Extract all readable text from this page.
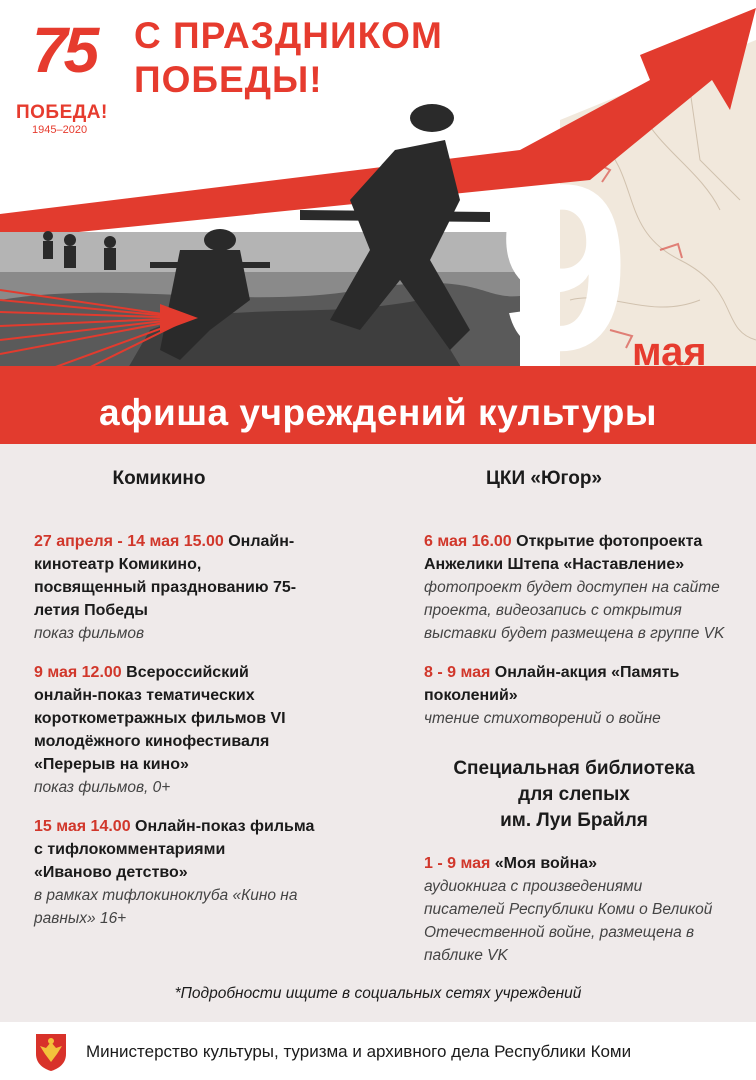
75
ПОБЕДА!
1945–2020
С ПРАЗДНИКОМ
ПОБЕДЫ!
9 мая
афиша учреждений культуры
Комикино
27 апреля - 14 мая 15.00 Онлайн-
кинотеатр Комикино,
посвященный празднованию 75-
летия Победы
показ фильмов
9 мая 12.00 Всероссийский
онлайн-показ тематических
короткометражных фильмов VI
молодёжного кинофестиваля
«Перерыв на кино»
показ фильмов, 0+
15 мая 14.00 Онлайн-показ фильма
с тифлокомментариями
«Иваново детство»
в рамках тифлокиноклуба «Кино на
равных» 16+
ЦКИ «Югор»
6 мая 16.00 Открытие фотопроекта
Анжелики Штепа «Наставление»
фотопроект будет доступен на сайте
проекта, видеозапись с открытия
выставки будет размещена в группе VK
8 - 9 мая Онлайн-акция «Память
поколений»
чтение стихотворений о войне
Специальная библиотека
для слепых
им. Луи Брайля
1 - 9 мая «Моя война»
аудиокнига с произведениями
писателей Республики Коми о Великой
Отечественной войне, размещена в
паблике VK
*Подробности ищите в социальных сетях учреждений
Министерство культуры, туризма и архивного дела Республики Коми
